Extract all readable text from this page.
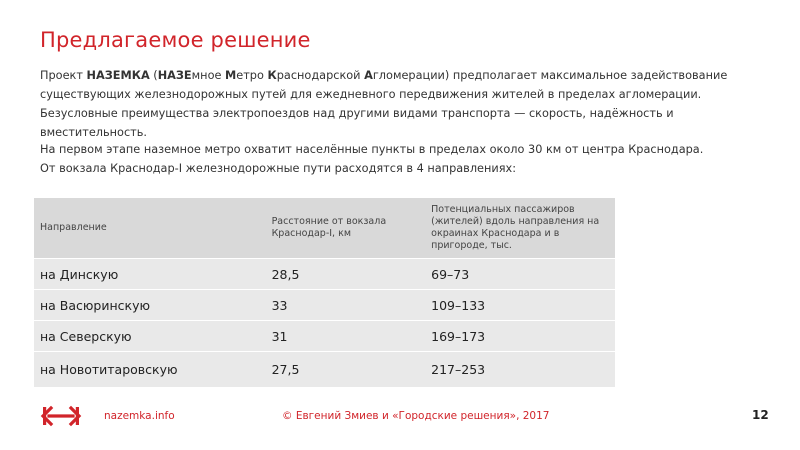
Предлагаемое решение
Проект НАЗЕМКА (НАЗЕмное Метро Краснодарской Агломерации) предполагает максимальное задействование существующих железнодорожных путей для ежедневного передвижения жителей в пределах агломерации. Безусловные преимущества электропоездов над другими видами транспорта — скорость, надёжность и вместительность.
На первом этапе наземное метро охватит населённые пункты в пределах около 30 км от центра Краснодара.
От вокзала Краснодар-I железнодорожные пути расходятся в 4 направлениях:
Направление	Расстояние от вокзала Краснодар-I, км	Потенциальных пассажиров (жителей) вдоль направления на окраинах Краснодара и в пригороде, тыс.
на Динскую	28,5	69–73
на Васюринскую	33	109–133
на Северскую	31	169–173
на Новотитаровскую	27,5	217–253
nazemka.info	© Евгений Змиев и «Городские решения», 2017	12
